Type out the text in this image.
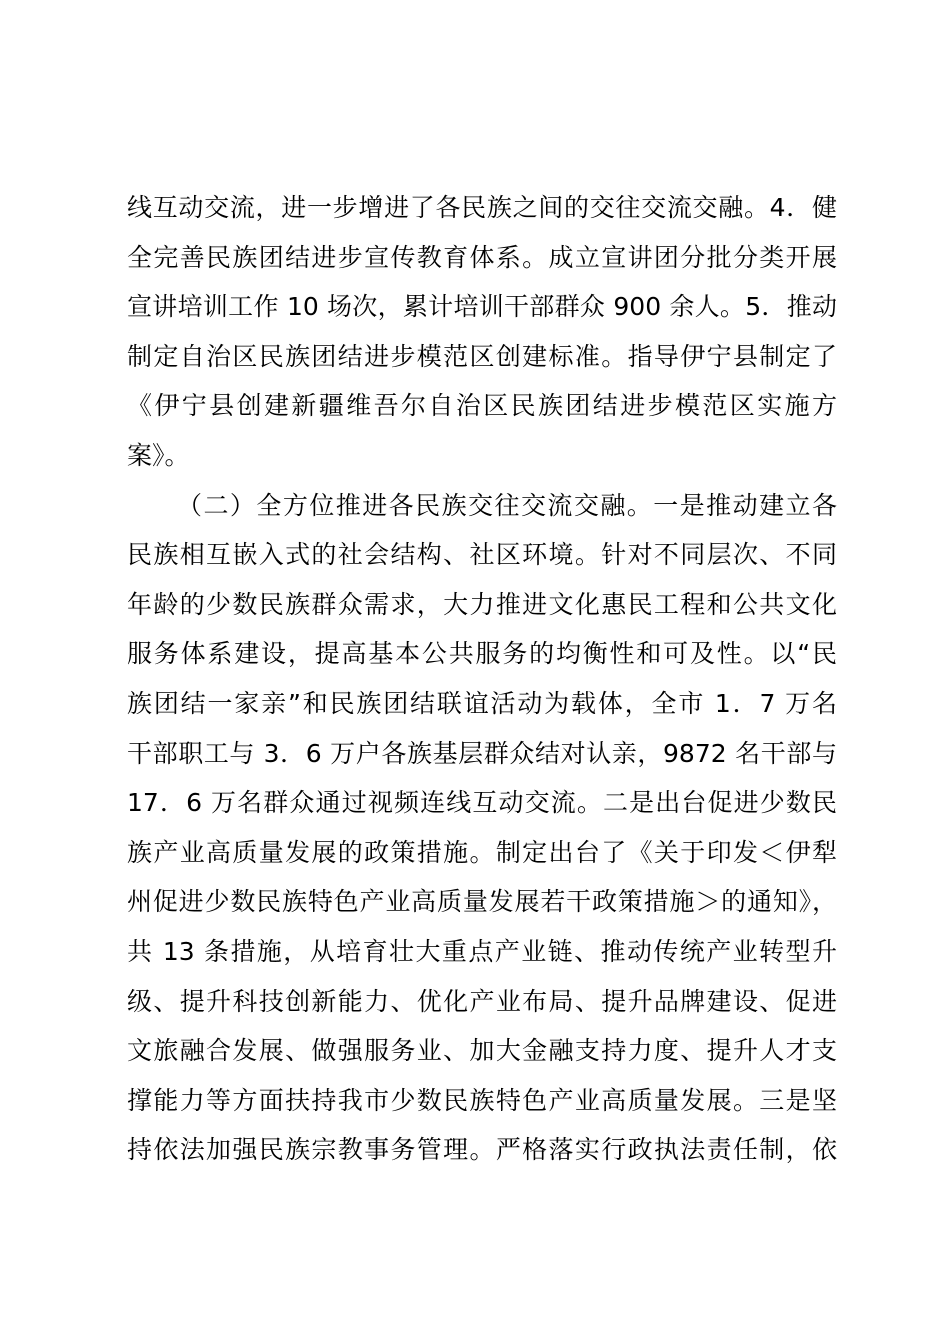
线互动交流，进一步增进了各民族之间的交往交流交融。4．健
全完善民族团结进步宣传教育体系。成立宣讲团分批分类开展
宣讲培训工作 10 场次，累计培训干部群众 900 余人。5．推动
制定自治区民族团结进步模范区创建标准。指导伊宁县制定了
《伊宁县创建新疆维吾尔自治区民族团结进步模范区实施方
案》。
（二）全方位推进各民族交往交流交融。一是推动建立各
民族相互嵌入式的社会结构、社区环境。针对不同层次、不同
年龄的少数民族群众需求，大力推进文化惠民工程和公共文化
服务体系建设，提高基本公共服务的均衡性和可及性。以“民
族团结一家亲”和民族团结联谊活动为载体，全市 1．7 万名
干部职工与 3．6 万户各族基层群众结对认亲，9872 名干部与
17．6 万名群众通过视频连线互动交流。二是出台促进少数民
族产业高质量发展的政策措施。制定出台了《关于印发＜伊犁
州促进少数民族特色产业高质量发展若干政策措施＞的通知》，
共 13 条措施，从培育壮大重点产业链、推动传统产业转型升
级、提升科技创新能力、优化产业布局、提升品牌建设、促进
文旅融合发展、做强服务业、加大金融支持力度、提升人才支
撑能力等方面扶持我市少数民族特色产业高质量发展。三是坚
持依法加强民族宗教事务管理。严格落实行政执法责任制，依
